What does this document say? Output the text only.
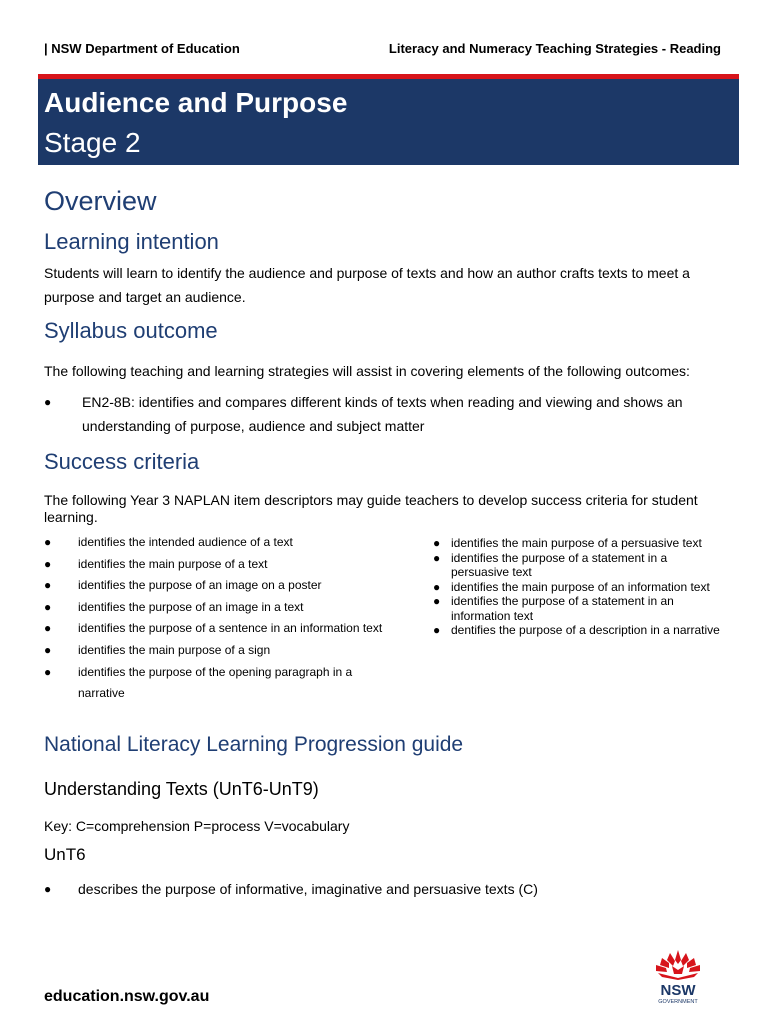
| NSW Department of Education	Literacy and Numeracy Teaching Strategies - Reading
Audience and Purpose
Stage 2
Overview
Learning intention
Students will learn to identify the audience and purpose of texts and how an author crafts texts to meet a purpose and target an audience.
Syllabus outcome
The following teaching and learning strategies will assist in covering elements of the following outcomes:
● EN2-8B: identifies and compares different kinds of texts when reading and viewing and shows an understanding of purpose, audience and subject matter
Success criteria
The following Year 3 NAPLAN item descriptors may guide teachers to develop success criteria for student learning.
● identifies the intended audience of a text
● identifies the main purpose of a text
● identifies the purpose of an image on a poster
● identifies the purpose of an image in a text
● identifies the purpose of a sentence in an information text
● identifies the main purpose of a sign
● identifies the purpose of the opening paragraph in a narrative
● identifies the main purpose of a persuasive text
● identifies the purpose of a statement in a persuasive text
● identifies the main purpose of an information text
● identifies the purpose of a statement in an information text
● dentifies the purpose of a description in a narrative
National Literacy Learning Progression guide
Understanding Texts (UnT6-UnT9)
Key: C=comprehension P=process V=vocabulary
UnT6
● describes the purpose of informative, imaginative and persuasive texts (C)
education.nsw.gov.au	NSW
GOVERNMENT
